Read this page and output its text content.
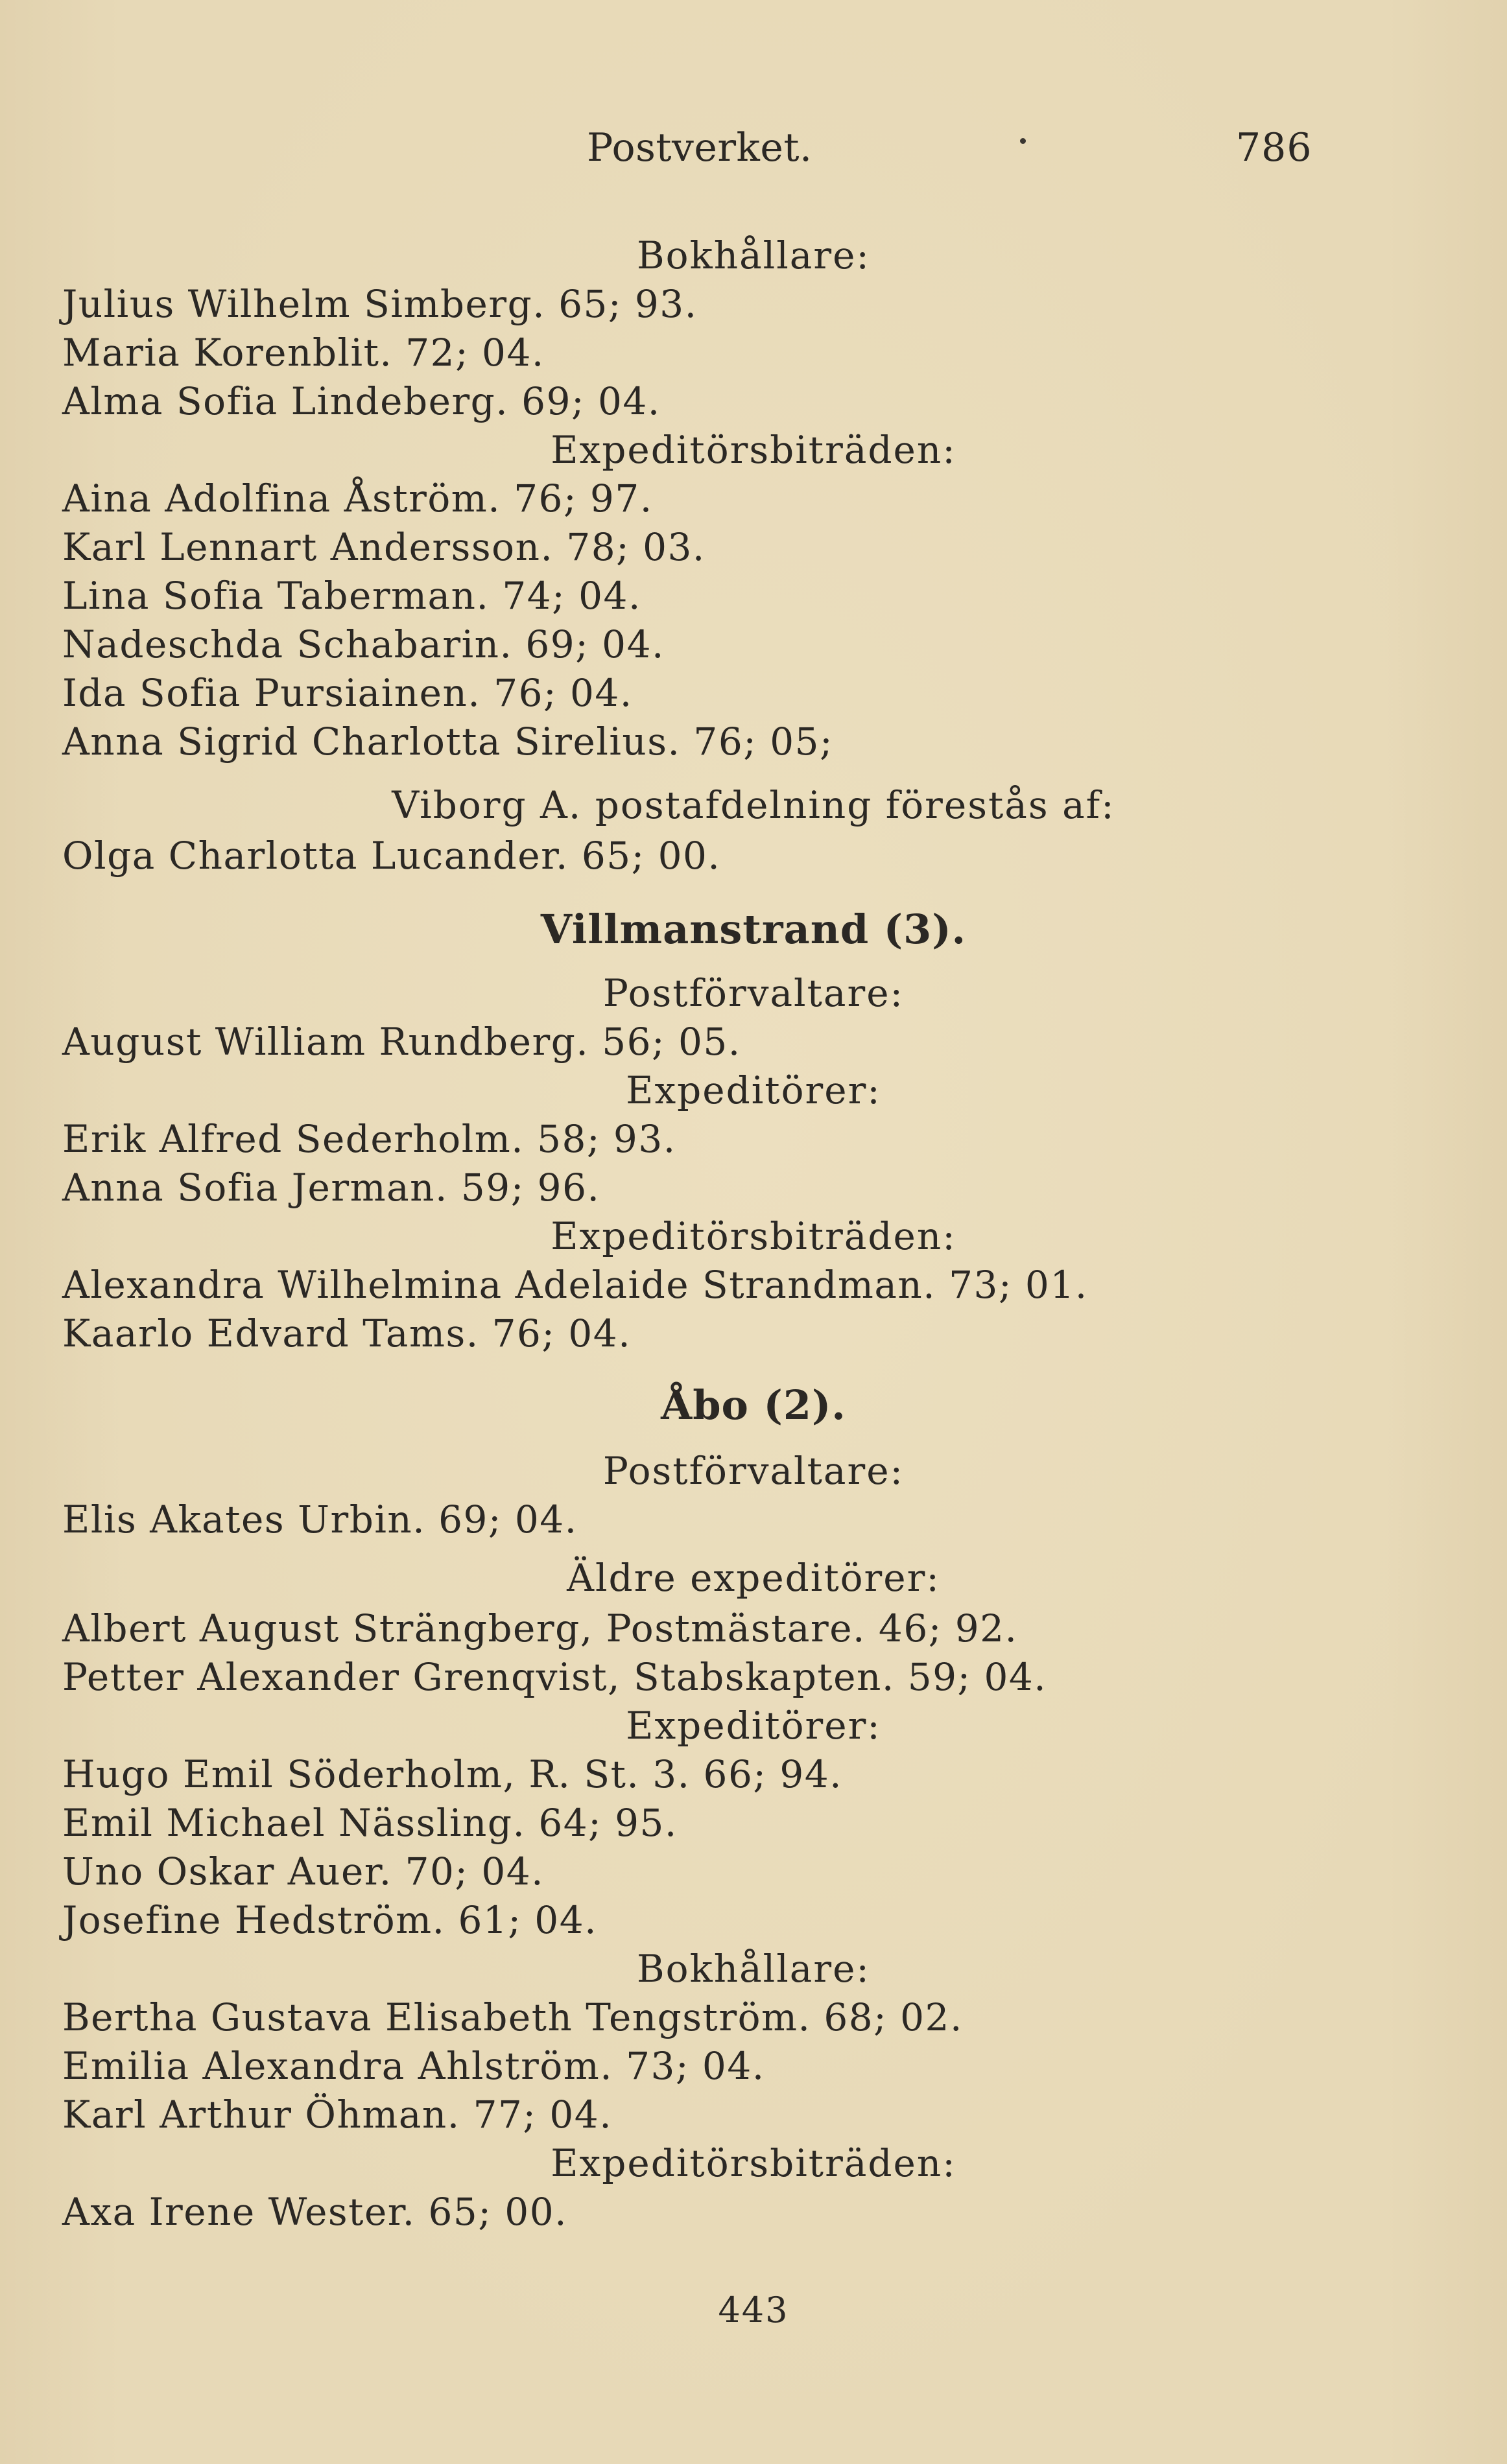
Postverket.	786
Bokhållare:
Julius Wilhelm Simberg. 65; 93.
Maria Korenblit. 72; 04.
Alma Sofia Lindeberg. 69; 04.
Expeditörsbiträden:
Aina Adolfina Åström. 76; 97.
Karl Lennart Andersson. 78; 03.
Lina Sofia Taberman. 74; 04.
Nadeschda Schabarin. 69; 04.
Ida Sofia Pursiainen. 76; 04.
Anna Sigrid Charlotta Sirelius. 76; 05;
Viborg A. postafdelning förestås af:
Olga Charlotta Lucander. 65; 00.
Villmanstrand (3).
Postförvaltare:
August William Rundberg. 56; 05.
Expeditörer:
Erik Alfred Sederholm. 58; 93.
Anna Sofia Jerman. 59; 96.
Expeditörsbiträden:
Alexandra Wilhelmina Adelaide Strandman. 73; 01.
Kaarlo Edvard Tams. 76; 04.
Åbo (2).
Postförvaltare:
Elis Akates Urbin. 69; 04.
Äldre expeditörer:
Albert August Strängberg, Postmästare. 46; 92.
Petter Alexander Grenqvist, Stabskapten. 59; 04.
Expeditörer:
Hugo Emil Söderholm, R. St. 3. 66; 94.
Emil Michael Nässling. 64; 95.
Uno Oskar Auer. 70; 04.
Josefine Hedström. 61; 04.
Bokhållare:
Bertha Gustava Elisabeth Tengström. 68; 02.
Emilia Alexandra Ahlström. 73; 04.
Karl Arthur Öhman. 77; 04.
Expeditörsbiträden:
Axa Irene Wester. 65; 00.
443
